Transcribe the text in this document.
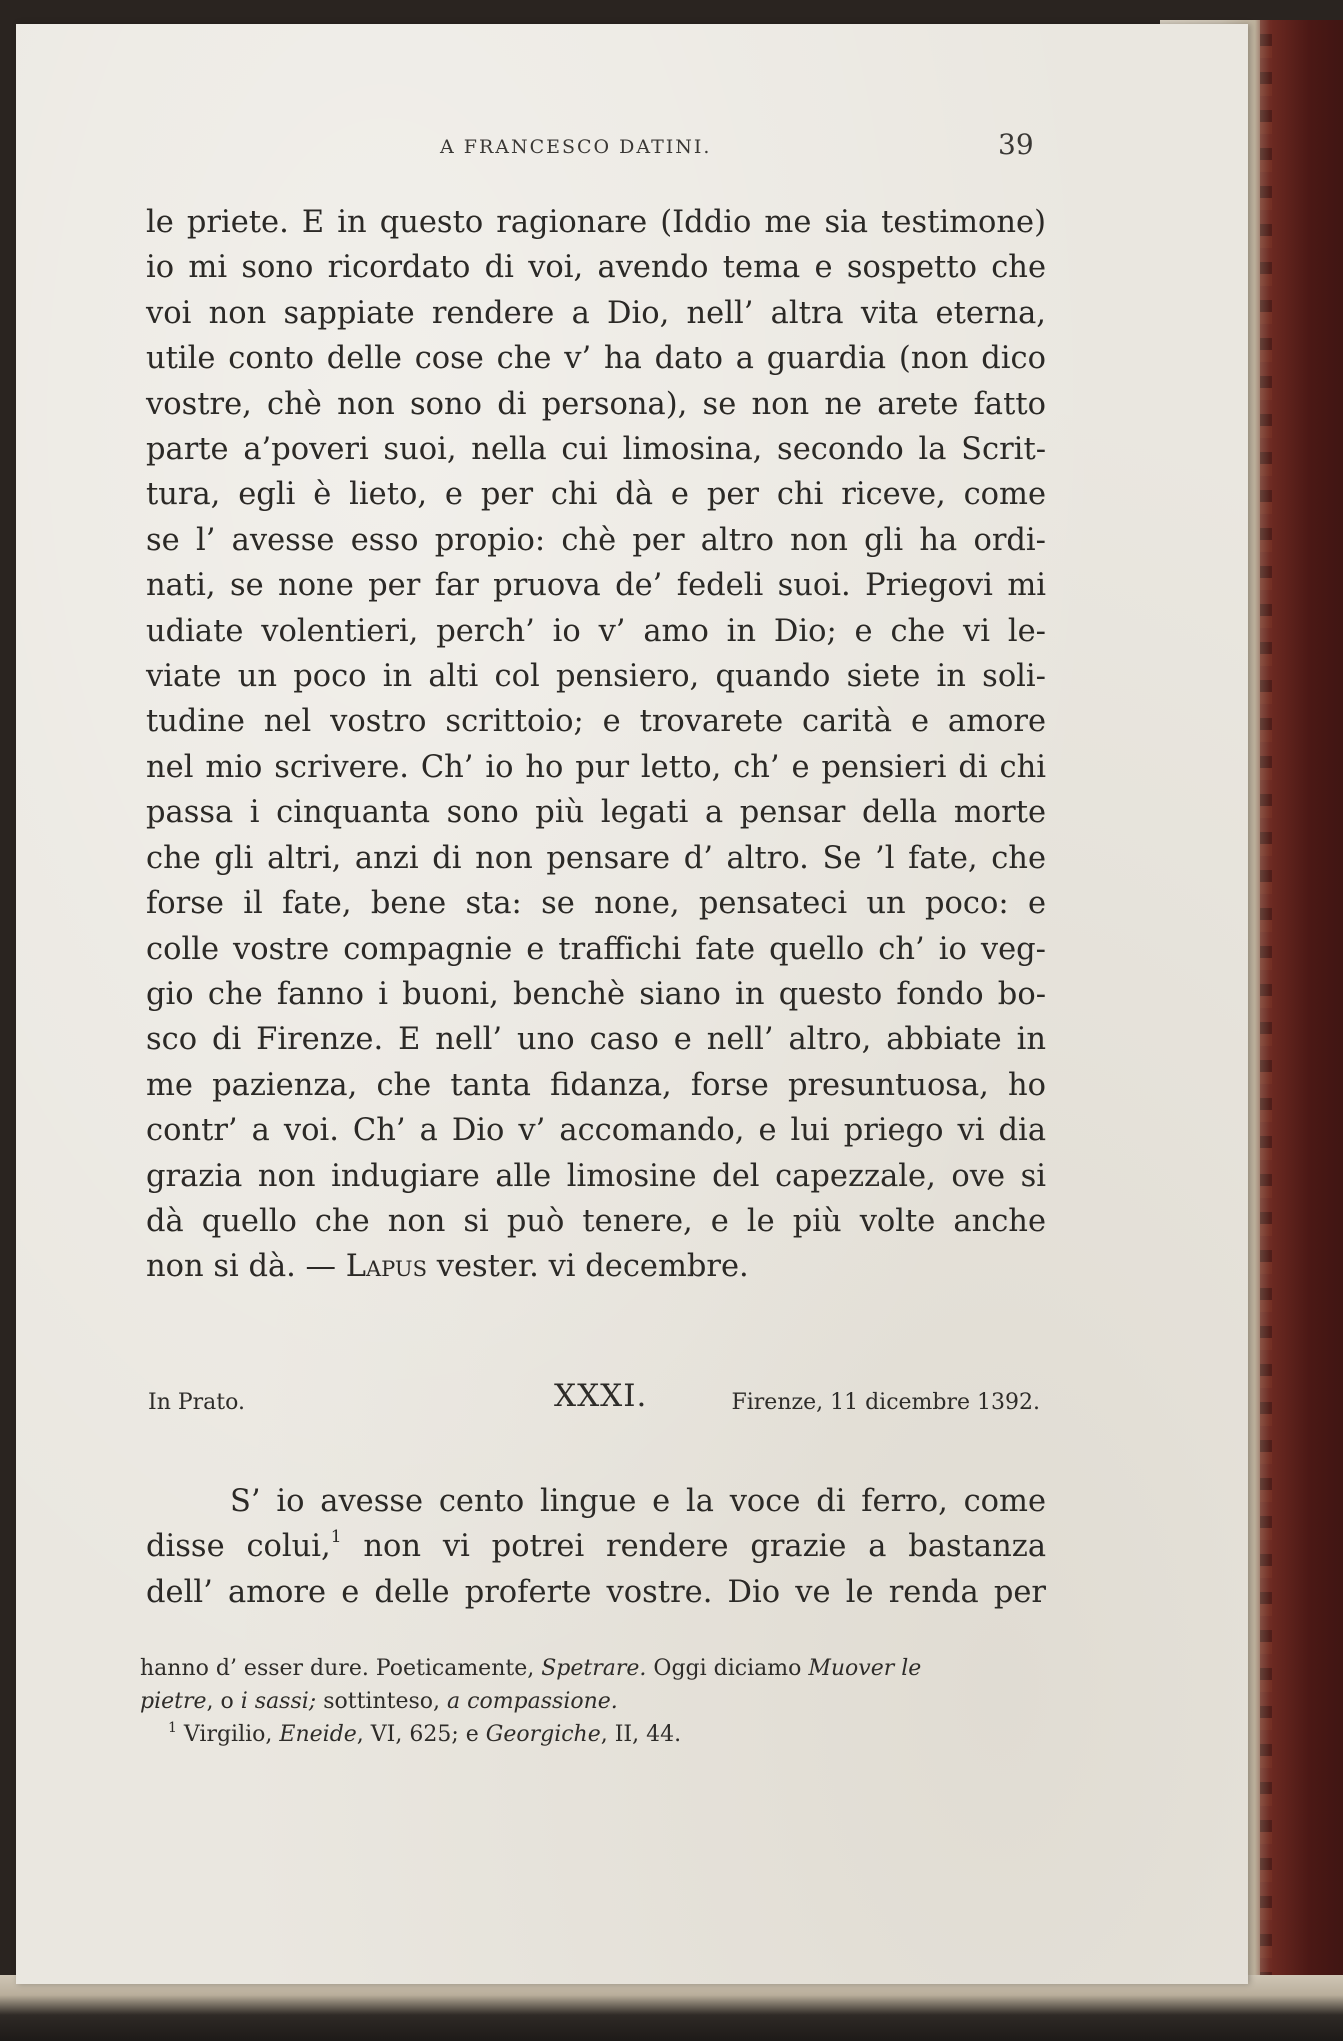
A FRANCESCO DATINI.	39
le priete. E in questo ragionare (Iddio me sia testimone)
io mi sono ricordato di voi, avendo tema e sospetto che
voi non sappiate rendere a Dio, nell’ altra vita eterna,
utile conto delle cose che v’ ha dato a guardia (non dico
vostre, chè non sono di persona), se non ne arete fatto
parte a’poveri suoi, nella cui limosina, secondo la Scrit-
tura, egli è lieto, e per chi dà e per chi riceve, come
se l’ avesse esso propio: chè per altro non gli ha ordi-
nati, se none per far pruova de’ fedeli suoi. Priegovi mi
udiate volentieri, perch’ io v’ amo in Dio; e che vi le-
viate un poco in alti col pensiero, quando siete in soli-
tudine nel vostro scrittoio; e trovarete carità e amore
nel mio scrivere. Ch’ io ho pur letto, ch’ e pensieri di chi
passa i cinquanta sono più legati a pensar della morte
che gli altri, anzi di non pensare d’ altro. Se ’l fate, che
forse il fate, bene sta: se none, pensateci un poco: e
colle vostre compagnie e traffichi fate quello ch’ io veg-
gio che fanno i buoni, benchè siano in questo fondo bo-
sco di Firenze. E nell’ uno caso e nell’ altro, abbiate in
me pazienza, che tanta fidanza, forse presuntuosa, ho
contr’ a voi. Ch’ a Dio v’ accomando, e lui priego vi dia
grazia non indugiare alle limosine del capezzale, ove si
dà quello che non si può tenere, e le più volte anche
non si dà. — Lapus vester. vi decembre.
In Prato.	XXXI.	Firenze, 11 dicembre 1392.
S’ io avesse cento lingue e la voce di ferro, come
disse colui,$^1$ non vi potrei rendere grazie a bastanza
dell’ amore e delle proferte vostre. Dio ve le renda per
hanno d’ esser dure. Poeticamente, Spetrare. Oggi diciamo Muover le
pietre, o i sassi; sottinteso, a compassione.
$^1$ Virgilio, Eneide, VI, 625; e Georgiche, II, 44.
